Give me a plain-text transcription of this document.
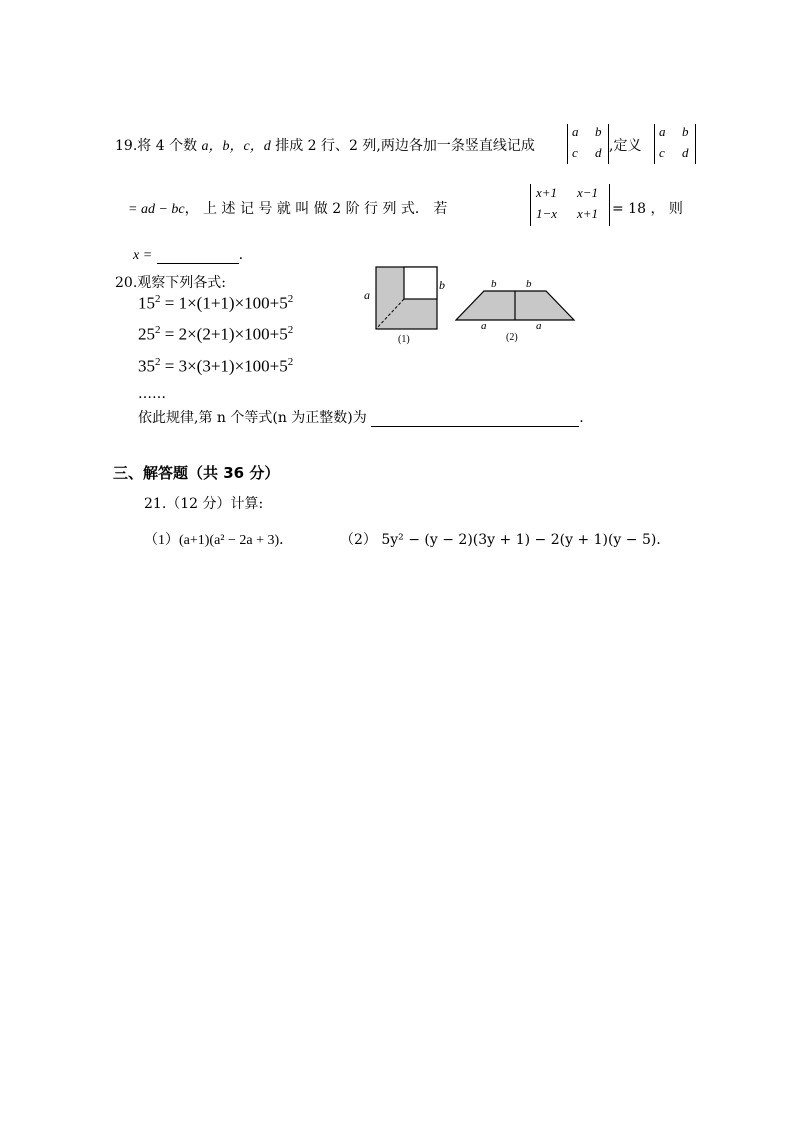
19.将 4 个数 a，b，c，d 排成 2 行、2 列,两边各加一条竖直线记成
a b
c d ,定义
a b
c d
= ad − bc， 上 述 记 号 就 叫 做 2 阶 行 列 式． 若
x+1 x−1
1−x x+1 = 18 ， 则
x =	.
20.观察下列各式:
$15^2 = 1\times(1+1)\times 100+5^2$
$25^2 = 2\times(2+1)\times 100+5^2$
$35^2 = 3\times(3+1)\times 100+5^2$
……
依此规律,第 n 个等式(n 为正整数)为	.
a
b
(1)
b	b
a	a
(2)
三、解答题（共 36 分）
21.（12 分）计算:
（1）(a+1)(a² − 2a + 3)．	（2） 5y² − (y − 2)(3y + 1) − 2(y + 1)(y − 5)．
